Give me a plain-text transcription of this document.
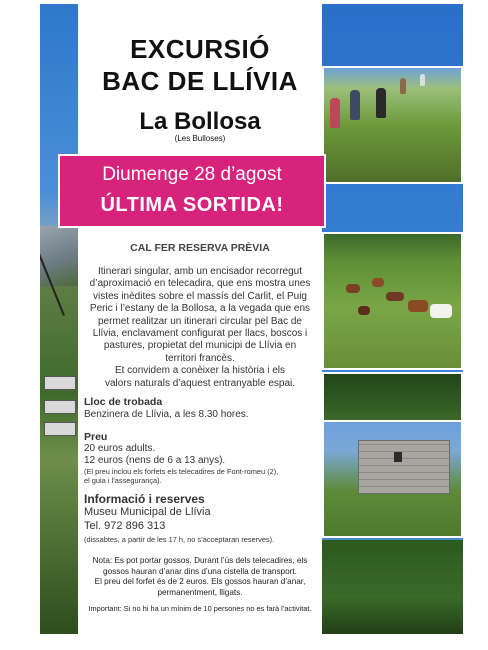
EXCURSIÓ
BAC DE LLÍVIA
La Bollosa
(Les Bulloses)
CAL FER RESERVA PRÈVIA

Itinerari singular, amb un encisador recorregut

d’aproximació en telecadira, que ens mostra unes

vistes inèdites sobre el massís del Carlit, el Puig

Peric i l’estany de la Bollosa, a la vegada que ens

permet realitzar un itinerari circular pel Bac de

Llívia, enclavament configurat per llacs, boscos i

pastures, propietat del municipi de Llívia en

territori francès.

Et convidem a conèixer la història i els

valors naturals d’aquest entranyable espai.

Lloc de trobada
Benzinera de Llívia, a les 8.30 hores.
Preu
20 euros adults.
12 euros (nens de 6 a 13 anys).
(El preu inclou els forfets els telecadires de Font-romeu (2),
el guia i l’assegurança).
Informació i reserves
Museu Municipal de Llívia
Tel. 972 896 313
(dissabtes, a partir de les 17 h, no s’acceptaran reserves).

Nota: Es pot portar gossos. Durant l’ús dels telecadires, els

gossos hauran d’anar dins d’una cistella de transport.

El preu del forfet és de 2 euros. Els gossos hauran d’anar,

permanentment, lligats.

Important: Si no hi ha un mínim de 10 persones no es farà l’activitat.
Diumenge 28 d’agost
ÚLTIMA SORTIDA!
